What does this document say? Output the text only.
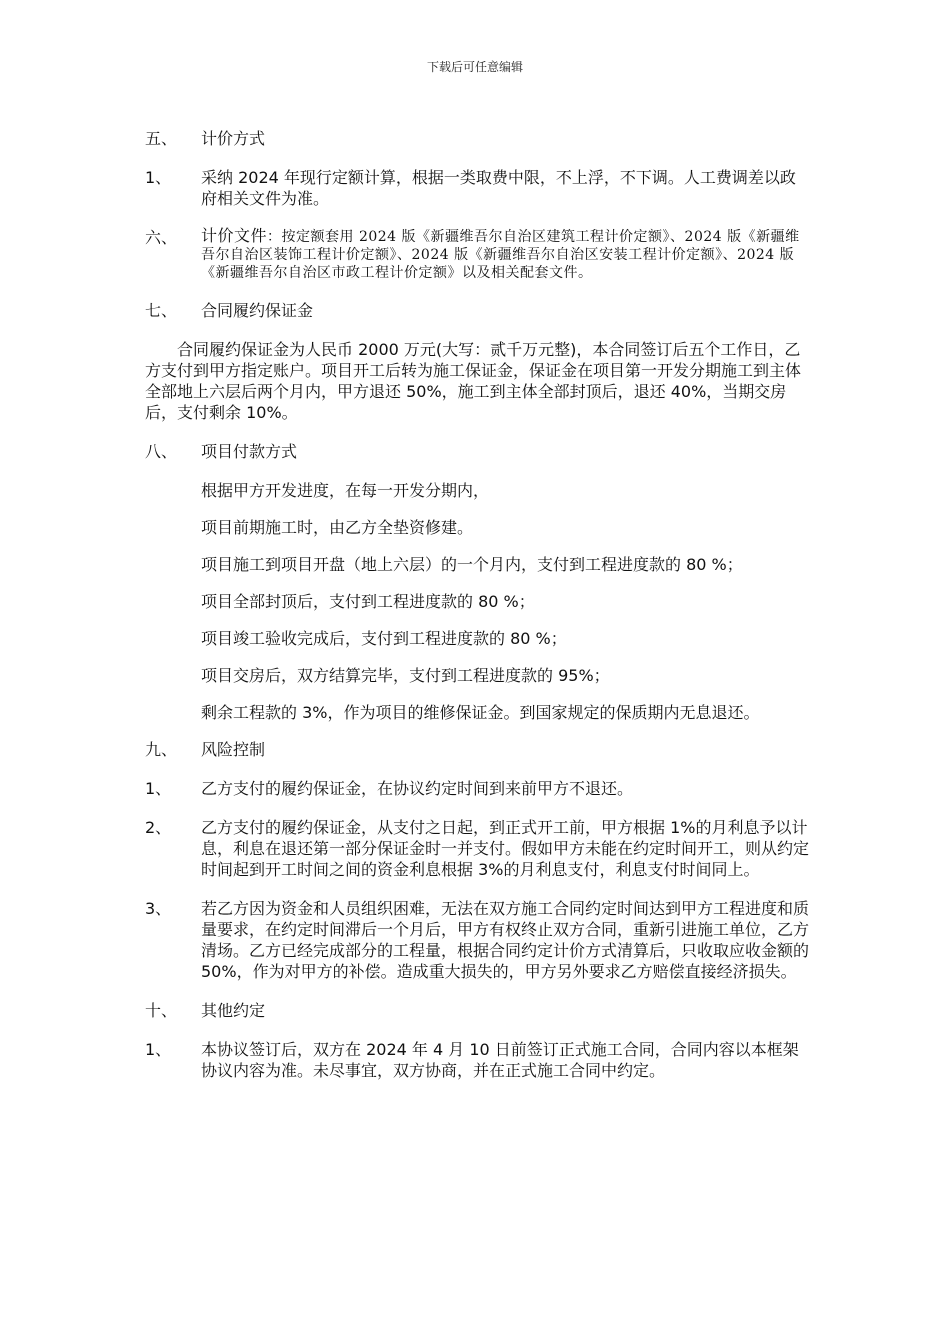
下载后可任意编辑
五、	计价方式
1、	采纳 2024 年现行定额计算，根据一类取费中限，不上浮，不下调。人工费调差以政府相关文件为准。
六、	计价文件：按定额套用 2024 版《新疆维吾尔自治区建筑工程计价定额》、2024 版《新疆维吾尔自治区装饰工程计价定额》、2024 版《新疆维吾尔自治区安装工程计价定额》、2024 版《新疆维吾尔自治区市政工程计价定额》以及相关配套文件。
七、	合同履约保证金
合同履约保证金为人民币 2000 万元(大写：贰千万元整)，本合同签订后五个工作日，乙方支付到甲方指定账户。项目开工后转为施工保证金，保证金在项目第一开发分期施工到主体全部地上六层后两个月内，甲方退还 50%，施工到主体全部封顶后，退还 40%，当期交房后，支付剩余 10%。
八、	项目付款方式
根据甲方开发进度，在每一开发分期内，
项目前期施工时，由乙方全垫资修建。
项目施工到项目开盘（地上六层）的一个月内，支付到工程进度款的 80 %；
项目全部封顶后，支付到工程进度款的 80 %；
项目竣工验收完成后，支付到工程进度款的 80 %；
项目交房后，双方结算完毕，支付到工程进度款的 95%；
剩余工程款的 3%，作为项目的维修保证金。到国家规定的保质期内无息退还。
九、	风险控制
1、	乙方支付的履约保证金，在协议约定时间到来前甲方不退还。
2、	乙方支付的履约保证金，从支付之日起，到正式开工前，甲方根据 1%的月利息予以计息，利息在退还第一部分保证金时一并支付。假如甲方未能在约定时间开工，则从约定时间起到开工时间之间的资金利息根据 3%的月利息支付，利息支付时间同上。
3、	若乙方因为资金和人员组织困难，无法在双方施工合同约定时间达到甲方工程进度和质量要求，在约定时间滞后一个月后，甲方有权终止双方合同，重新引进施工单位，乙方清场。乙方已经完成部分的工程量，根据合同约定计价方式清算后，只收取应收金额的 50%，作为对甲方的补偿。造成重大损失的，甲方另外要求乙方赔偿直接经济损失。
十、	其他约定
1、	本协议签订后，双方在 2024 年 4 月 10 日前签订正式施工合同，合同内容以本框架协议内容为准。未尽事宜，双方协商，并在正式施工合同中约定。
